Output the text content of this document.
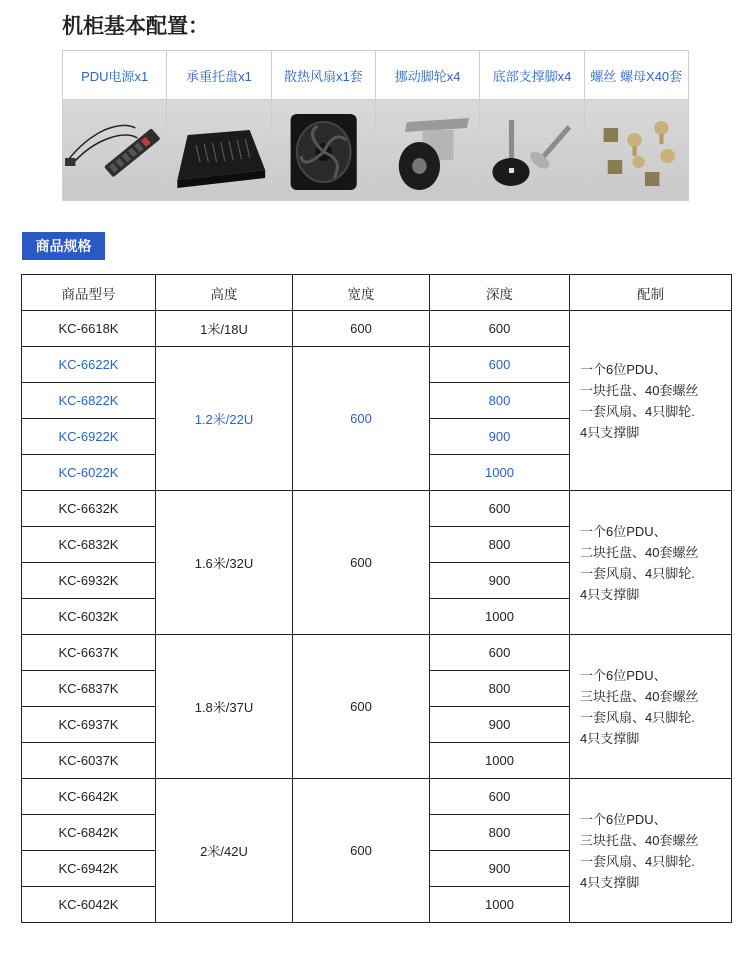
机柜基本配置：
PDU电源x1	承重托盘x1	散热风扇x1套	挪动脚轮x4	底部支撑脚x4	螺丝 螺母X40套
商品规格
商品型号	高度	宽度	深度	配制
KC-6618K	1米/18U	600	600	一个6位PDU、
一块托盘、40套螺丝
一套风扇、4只脚轮.
4只支撑脚

KC-6622K	1.2米/22U	600	600	
KC-6822K			800	
KC-6922K			900	
KC-6022K			1000	
KC-6632K	1.6米/32U	600	600	一个6位PDU、
二块托盘、40套螺丝
一套风扇、4只脚轮.
4只支撑脚

KC-6832K			800	
KC-6932K			900	
KC-6032K			1000	
KC-6637K	1.8米/37U	600	600	一个6位PDU、
三块托盘、40套螺丝
一套风扇、4只脚轮.
4只支撑脚

KC-6837K			800	
KC-6937K			900	
KC-6037K			1000	
KC-6642K	2米/42U	600	600	一个6位PDU、
三块托盘、40套螺丝
一套风扇、4只脚轮.
4只支撑脚

KC-6842K			800	
KC-6942K			900	
KC-6042K			1000	
